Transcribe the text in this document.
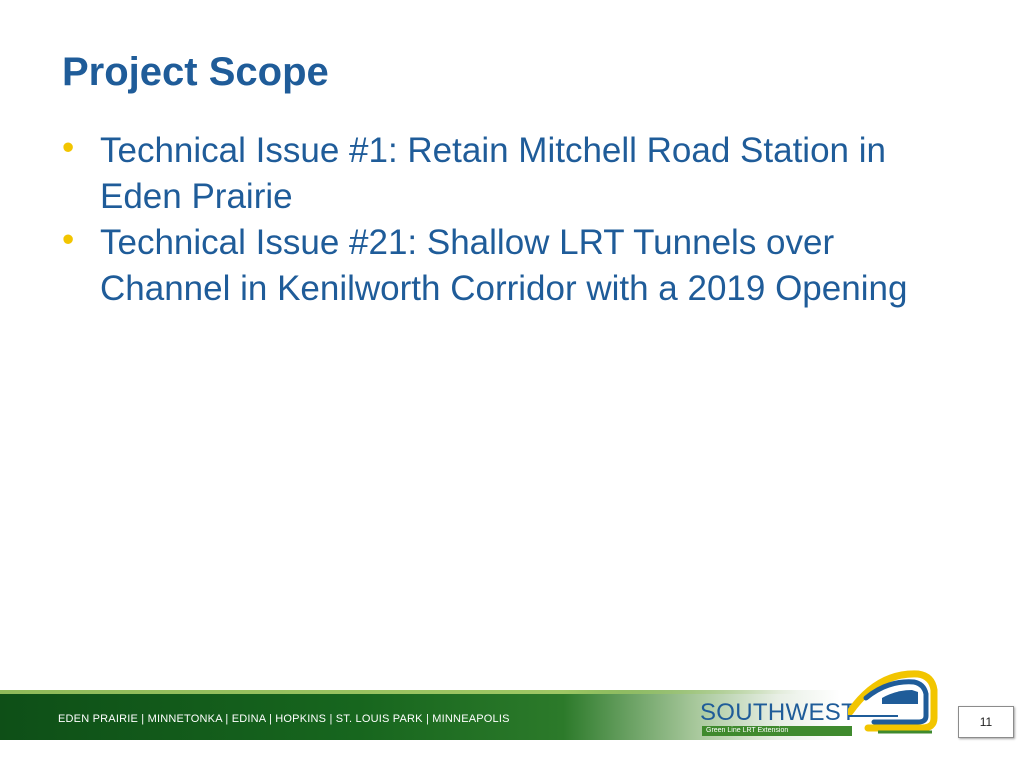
Project Scope
• Technical Issue #1: Retain Mitchell Road Station in Eden Prairie
• Technical Issue #21: Shallow LRT Tunnels over Channel in Kenilworth Corridor with a 2019 Opening
EDEN PRAIRIE | MINNETONKA | EDINA | HOPKINS | ST. LOUIS PARK | MINNEAPOLIS	SOUTHWEST
Green Line LRT Extension
11
